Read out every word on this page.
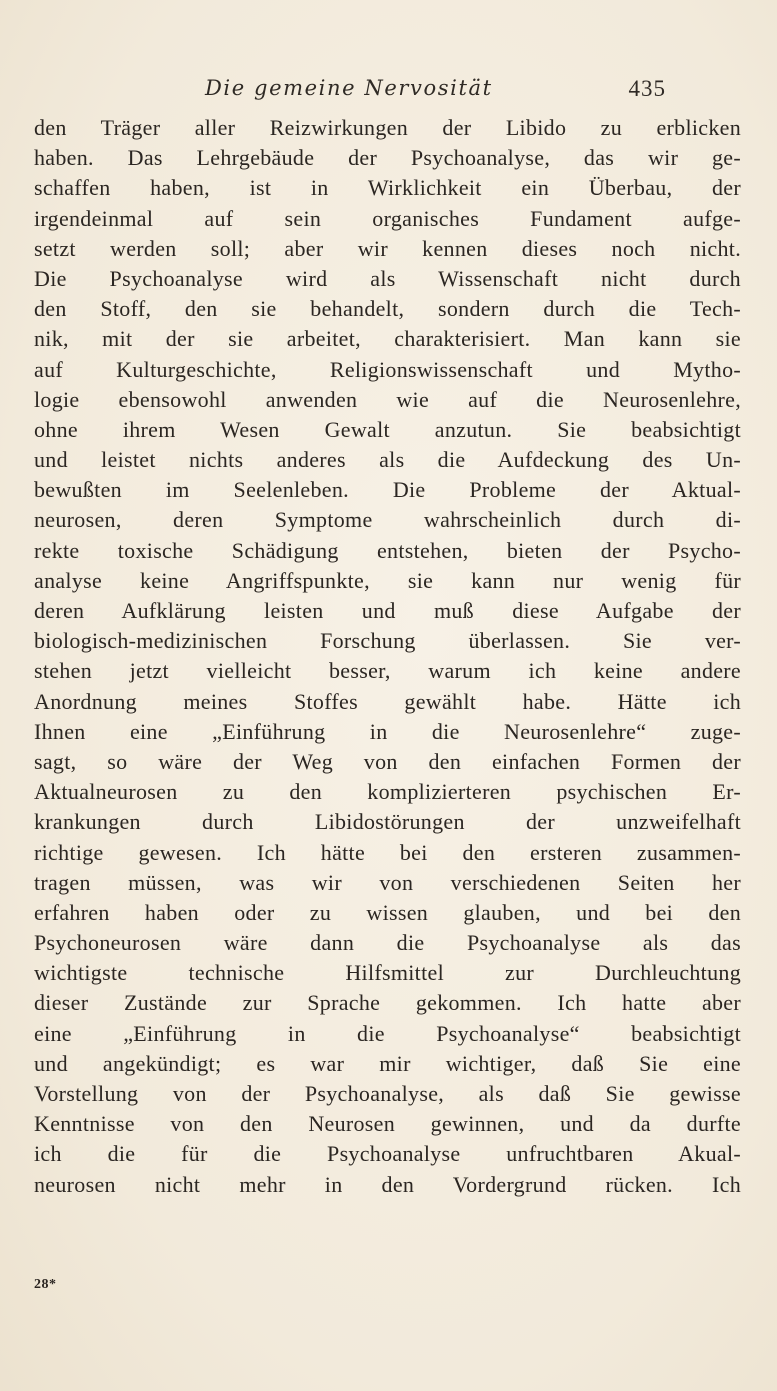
Die gemeine Nervosität	435
den Träger aller Reizwirkungen der Libido zu erblicken
haben. Das Lehrgebäude der Psychoanalyse, das wir ge-
schaffen haben, ist in Wirklichkeit ein Überbau, der
irgendeinmal auf sein organisches Fundament aufge-
setzt werden soll; aber wir kennen dieses noch nicht.
Die Psychoanalyse wird als Wissenschaft nicht durch
den Stoff, den sie behandelt, sondern durch die Tech-
nik, mit der sie arbeitet, charakterisiert. Man kann sie
auf Kulturgeschichte, Religionswissenschaft und Mytho-
logie ebensowohl anwenden wie auf die Neurosenlehre,
ohne ihrem Wesen Gewalt anzutun. Sie beabsichtigt
und leistet nichts anderes als die Aufdeckung des Un-
bewußten im Seelenleben. Die Probleme der Aktual-
neurosen, deren Symptome wahrscheinlich durch di-
rekte toxische Schädigung entstehen, bieten der Psycho-
analyse keine Angriffspunkte, sie kann nur wenig für
deren Aufklärung leisten und muß diese Aufgabe der
biologisch-medizinischen Forschung überlassen. Sie ver-
stehen jetzt vielleicht besser, warum ich keine andere
Anordnung meines Stoffes gewählt habe. Hätte ich
Ihnen eine „Einführung in die Neurosenlehre“ zuge-
sagt, so wäre der Weg von den einfachen Formen der
Aktualneurosen zu den komplizierteren psychischen Er-
krankungen durch Libidostörungen der unzweifelhaft
richtige gewesen. Ich hätte bei den ersteren zusammen-
tragen müssen, was wir von verschiedenen Seiten her
erfahren haben oder zu wissen glauben, und bei den
Psychoneurosen wäre dann die Psychoanalyse als das
wichtigste technische Hilfsmittel zur Durchleuchtung
dieser Zustände zur Sprache gekommen. Ich hatte aber
eine „Einführung in die Psychoanalyse“ beabsichtigt
und angekündigt; es war mir wichtiger, daß Sie eine
Vorstellung von der Psychoanalyse, als daß Sie gewisse
Kenntnisse von den Neurosen gewinnen, und da durfte
ich die für die Psychoanalyse unfruchtbaren Akual-
neurosen nicht mehr in den Vordergrund rücken. Ich
28*
